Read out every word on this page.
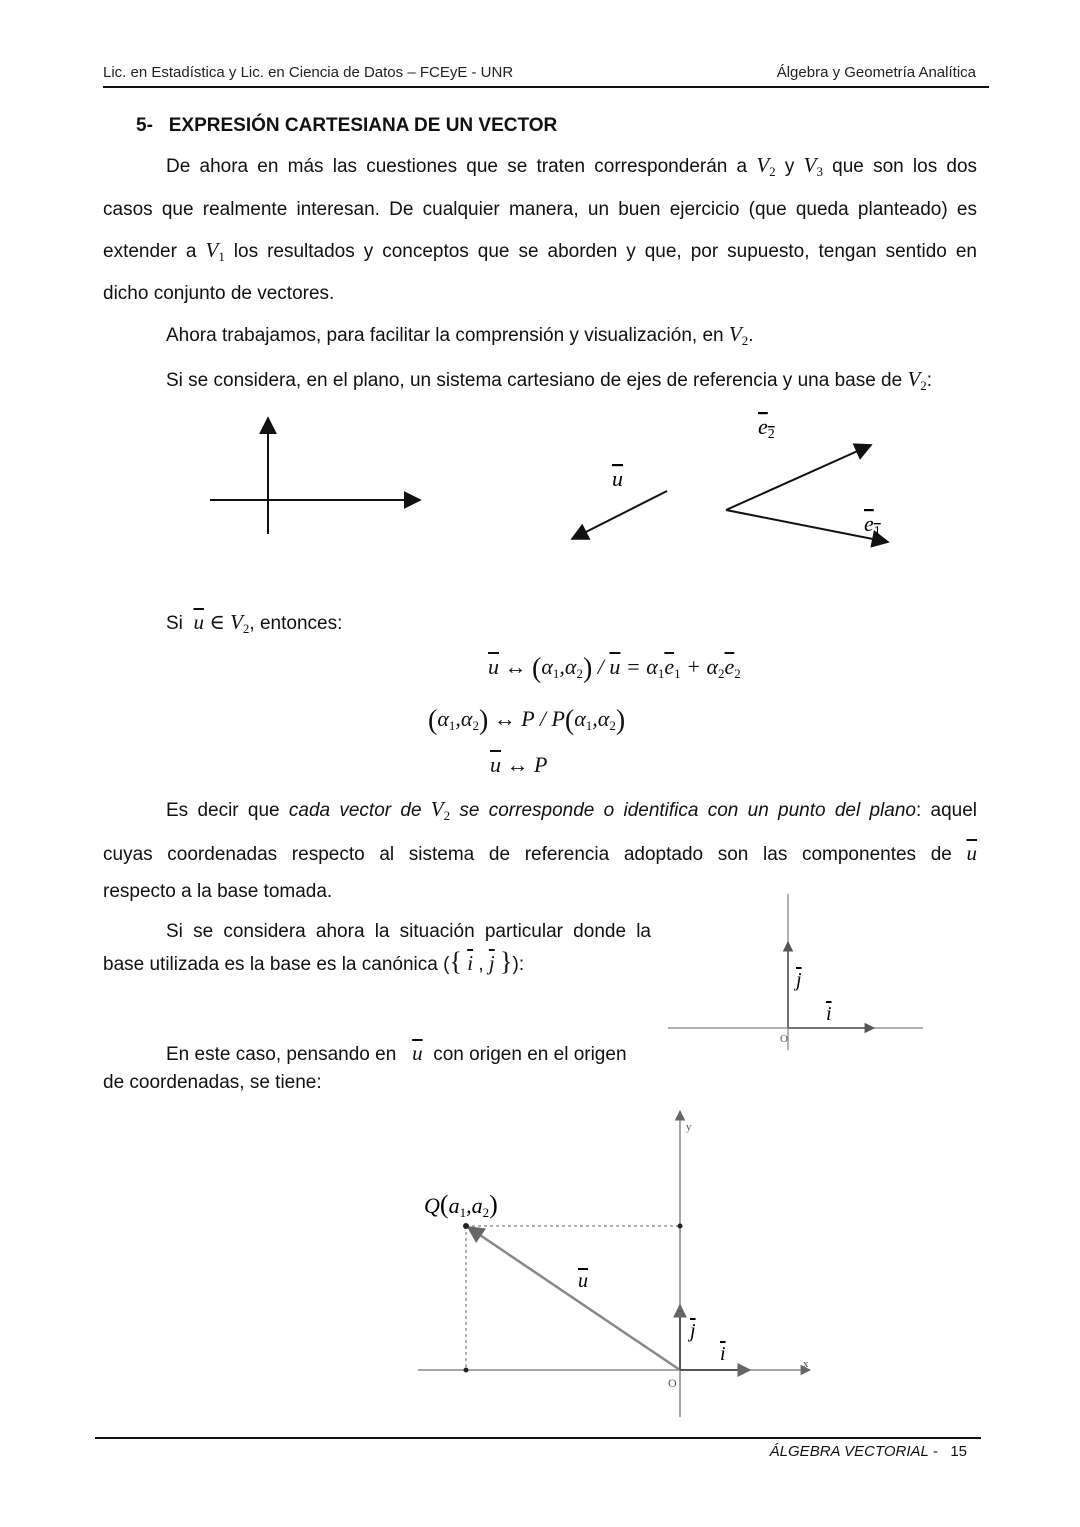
Lic. en Estadística y Lic. en Ciencia de Datos – FCEyE - UNR	Álgebra y Geometría Analítica
5- EXPRESIÓN CARTESIANA DE UN VECTOR
De ahora en más las cuestiones que se traten corresponderán a $V_2$ y $V_3$ que son los dos
casos que realmente interesan. De cualquier manera, un buen ejercicio (que queda planteado) es
extender a $V_1$ los resultados y conceptos que se aborden y que, por supuesto, tengan sentido en
dicho conjunto de vectores.
Ahora trabajamos, para facilitar la comprensión y visualización, en $V_2$.
Si se considera, en el plano, un sistema cartesiano de ejes de referencia y una base de $V_2$:
u
e2
e1
Si $\overline{u}$ ∈ $V_2$, entonces:
$\overline{u}$ ↔ $(\alpha_1,\alpha_2) / \overline{u} = \alpha_1\overline{e}_1 + \alpha_2\overline{e}_2$
$(\alpha_1,\alpha_2)$ ↔ P / $P(\alpha_1,\alpha_2)$
$\overline{u}$ ↔ P
Es decir que cada vector de $V_2$ se corresponde o identifica con un punto del plano: aquel
cuyas coordenadas respecto al sistema de referencia adoptado son las componentes de $\overline{u}$
respecto a la base tomada.
Si se considera ahora la situación particular donde la
base utilizada es la base es la canónica ({ $\overline{i}$ , $\overline{j}$ }):
j
i
O
En este caso, pensando en $\overline{u}$ con origen en el origen
de coordenadas, se tiene:
x
y
O
Q(a1,a2)
u
j
i
ÁLGEBRA VECTORIAL - 15
